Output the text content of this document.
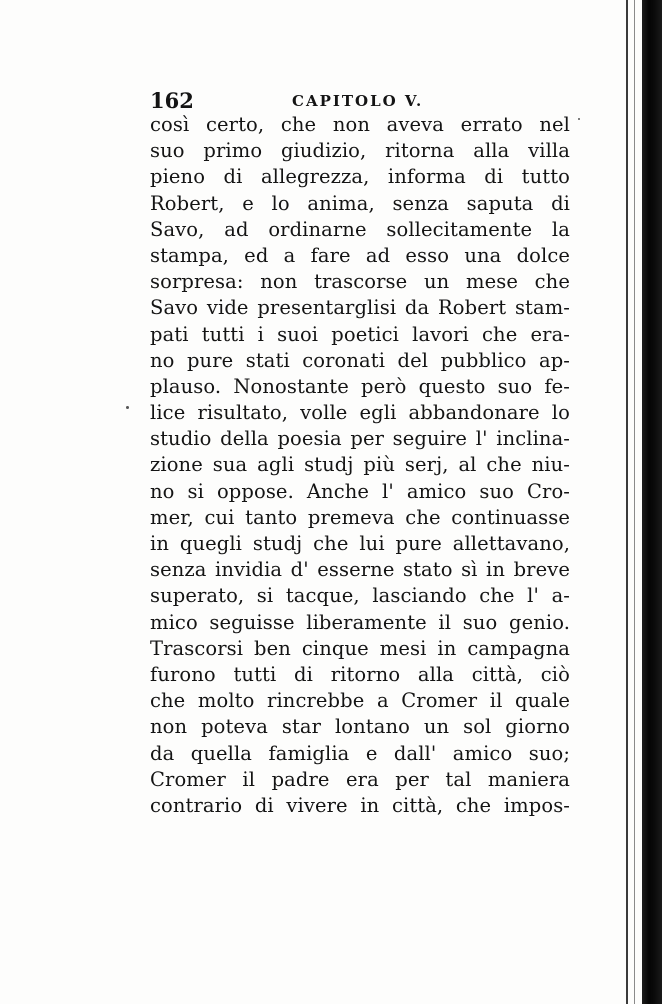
162	CAPITOLO V.
così certo, che non aveva errato nel
suo primo giudizio, ritorna alla villa
pieno di allegrezza, informa di tutto
Robert, e lo anima, senza saputa di
Savo, ad ordinarne sollecitamente la
stampa, ed a fare ad esso una dolce
sorpresa: non trascorse un mese che
Savo vide presentarglisi da Robert stam-
pati tutti i suoi poetici lavori che era-
no pure stati coronati del pubblico ap-
plauso. Nonostante però questo suo fe-
lice risultato, volle egli abbandonare lo
studio della poesia per seguire l' inclina-
zione sua agli studj più serj, al che niu-
no si oppose. Anche l' amico suo Cro-
mer, cui tanto premeva che continuasse
in quegli studj che lui pure allettavano,
senza invidia d' esserne stato sì in breve
superato, si tacque, lasciando che l' a-
mico seguisse liberamente il suo genio.
Trascorsi ben cinque mesi in campagna
furono tutti di ritorno alla città, ciò
che molto rincrebbe a Cromer il quale
non poteva star lontano un sol giorno
da quella famiglia e dall' amico suo;
Cromer il padre era per tal maniera
contrario di vivere in città, che impos-
